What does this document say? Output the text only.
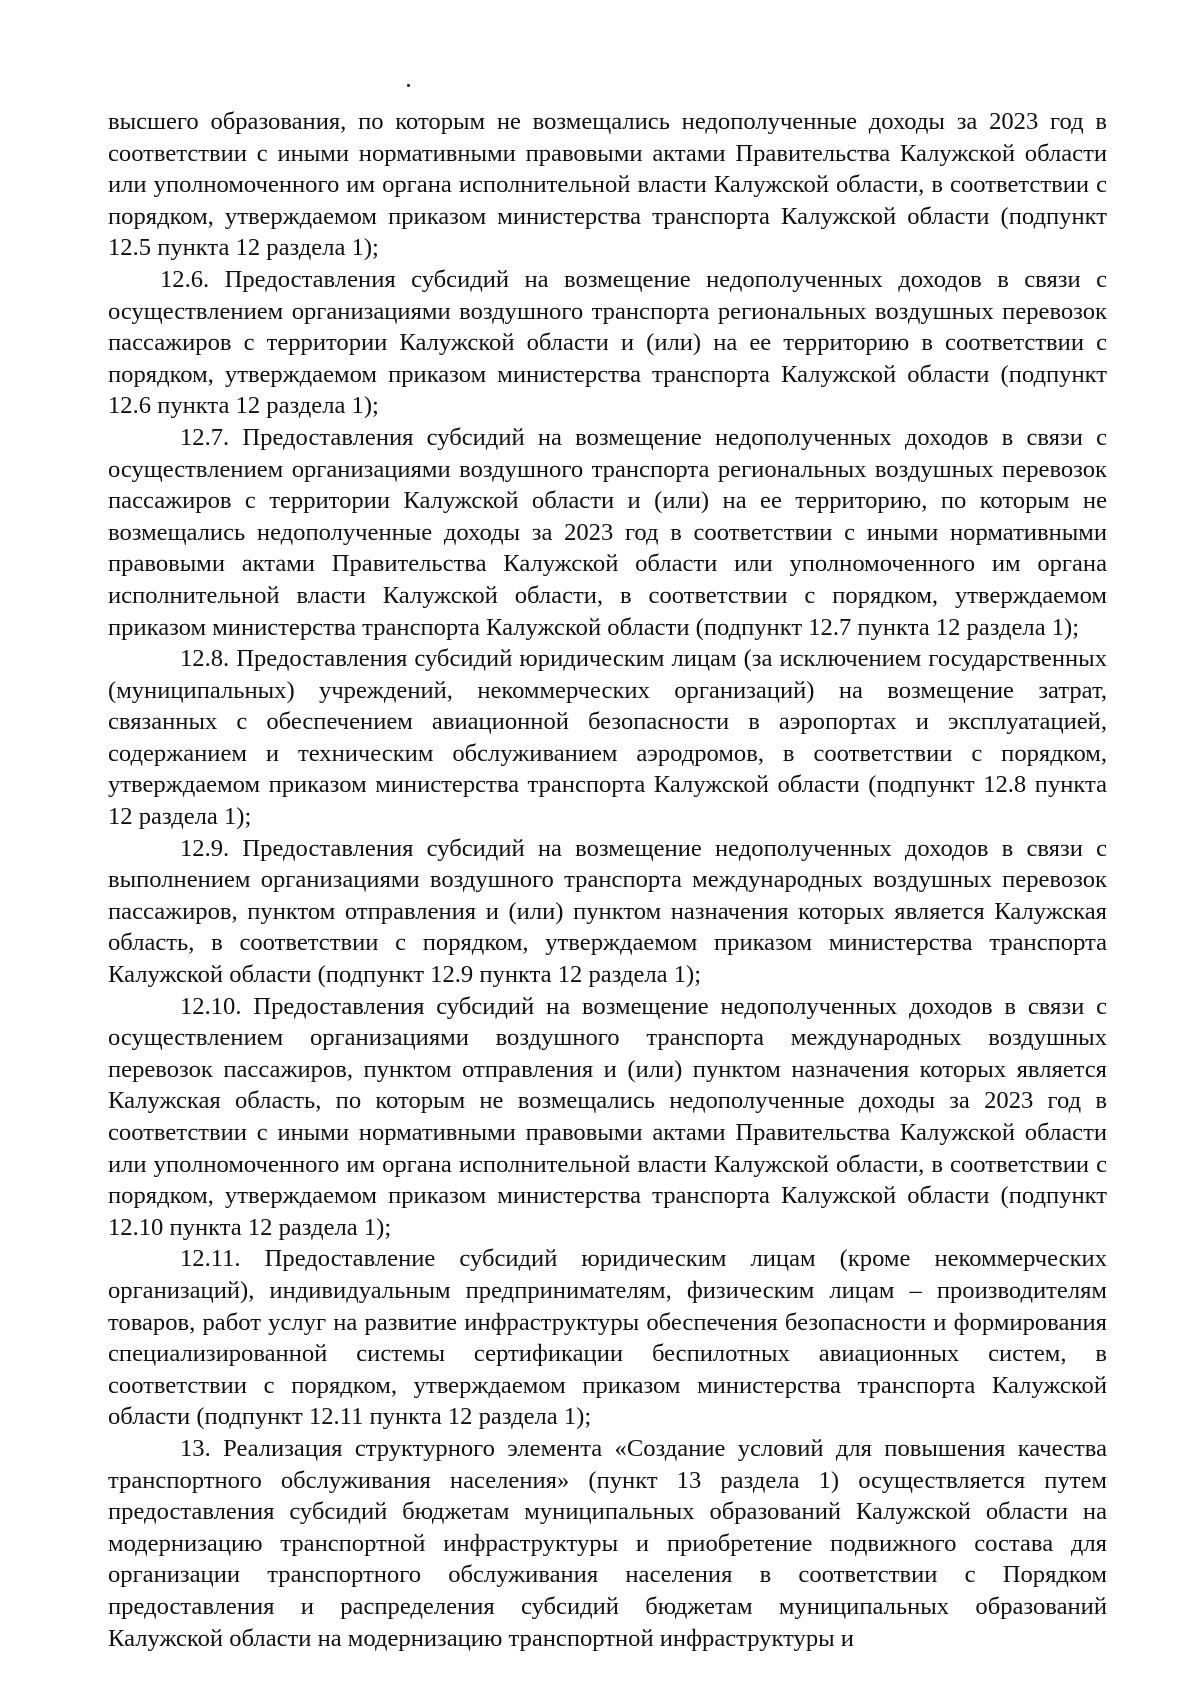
высшего образования, по которым не возмещались недополученные доходы за 2023 год в соответствии с иными нормативными правовыми актами Правительства Калужской области или уполномоченного им органа исполнительной власти Калужской области, в соответствии с порядком, утверждаемом приказом министерства транспорта Калужской области (подпункт 12.5 пункта 12 раздела 1);

12.6. Предоставления субсидий на возмещение недополученных доходов в связи с осуществлением организациями воздушного транспорта региональных воздушных перевозок пассажиров с территории Калужской области и (или) на ее территорию в соответствии с порядком, утверждаемом приказом министерства транспорта Калужской области (подпункт 12.6 пункта 12 раздела 1);

12.7. Предоставления субсидий на возмещение недополученных доходов в связи с осуществлением организациями воздушного транспорта региональных воздушных перевозок пассажиров с территории Калужской области и (или) на ее территорию, по которым не возмещались недополученные доходы за 2023 год в соответствии с иными нормативными правовыми актами Правительства Калужской области или уполномоченного им органа исполнительной власти Калужской области, в соответствии с порядком, утверждаемом приказом министерства транспорта Калужской области (подпункт 12.7 пункта 12 раздела 1);

12.8. Предоставления субсидий юридическим лицам (за исключением государственных (муниципальных) учреждений, некоммерческих организаций) на возмещение затрат, связанных с обеспечением авиационной безопасности в аэропортах и эксплуатацией, содержанием и техническим обслуживанием аэродромов, в соответствии с порядком, утверждаемом приказом министерства транспорта Калужской области (подпункт 12.8 пункта 12 раздела 1);

12.9. Предоставления субсидий на возмещение недополученных доходов в связи с выполнением организациями воздушного транспорта международных воздушных перевозок пассажиров, пунктом отправления и (или) пунктом назначения которых является Калужская область, в соответствии с порядком, утверждаемом приказом министерства транспорта Калужской области (подпункт 12.9 пункта 12 раздела 1);

12.10. Предоставления субсидий на возмещение недополученных доходов в связи с осуществлением организациями воздушного транспорта международных воздушных перевозок пассажиров, пунктом отправления и (или) пунктом назначения которых является Калужская область, по которым не возмещались недополученные доходы за 2023 год в соответствии с иными нормативными правовыми актами Правительства Калужской области или уполномоченного им органа исполнительной власти Калужской области, в соответствии с порядком, утверждаемом приказом министерства транспорта Калужской области (подпункт 12.10 пункта 12 раздела 1);

12.11. Предоставление субсидий юридическим лицам (кроме некоммерческих организаций), индивидуальным предпринимателям, физическим лицам – производителям товаров, работ услуг на развитие инфраструктуры обеспечения безопасности и формирования специализированной системы сертификации беспилотных авиационных систем, в соответствии с порядком, утверждаемом приказом министерства транспорта Калужской области (подпункт 12.11 пункта 12 раздела 1);

13. Реализация структурного элемента «Создание условий для повышения качества транспортного обслуживания населения» (пункт 13 раздела 1) осуществляется путем предоставления субсидий бюджетам муниципальных образований Калужской области на модернизацию транспортной инфраструктуры и приобретение подвижного состава для организации транспортного обслуживания населения в соответствии с Порядком предоставления и распределения субсидий бюджетам муниципальных образований Калужской области на модернизацию транспортной инфраструктуры и
